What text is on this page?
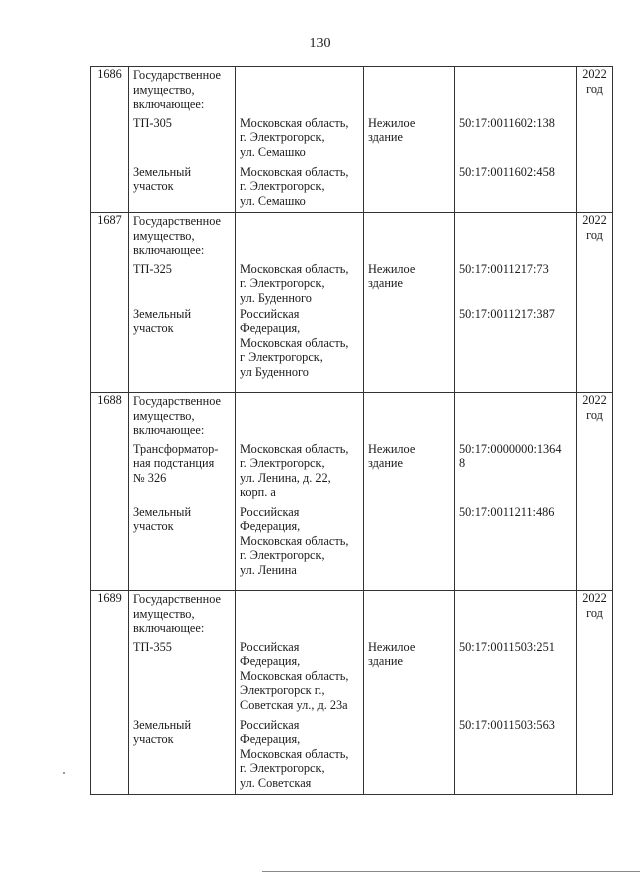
130
1686	Государственное
имущество,
включающее:				2022
год
	ТП-305	Московская область,
г. Электрогорск,
ул. Семашко	Нежилое
здание	50:17:0011602:138	
	Земельный
участок	Московская область,
г. Электрогорск,
ул. Семашко		50:17:0011602:458	
1687	Государственное
имущество,
включающее:				2022
год
	ТП-325	Московская область,
г. Электрогорск,
ул. Буденного	Нежилое
здание	50:17:0011217:73	
	Земельный
участок	Российская
Федерация,
Московская область,
г Электрогорск,
ул Буденного		50:17:0011217:387	
1688	Государственное
имущество,
включающее:				2022
год
	Трансформатор-
ная подстанция
№ 326	Московская область,
г. Электрогорск,
ул. Ленина, д. 22,
корп. а	Нежилое
здание	50:17:0000000:1364
8	
	Земельный
участок	Российская
Федерация,
Московская область,
г. Электрогорск,
ул. Ленина		50:17:0011211:486	
1689	Государственное
имущество,
включающее:				2022
год
	ТП-355	Российская
Федерация,
Московская область,
Электрогорск г.,
Советская ул., д. 23а	Нежилое
здание	50:17:0011503:251	
	Земельный
участок	Российская
Федерация,
Московская область,
г. Электрогорск,
ул. Советская		50:17:0011503:563	
